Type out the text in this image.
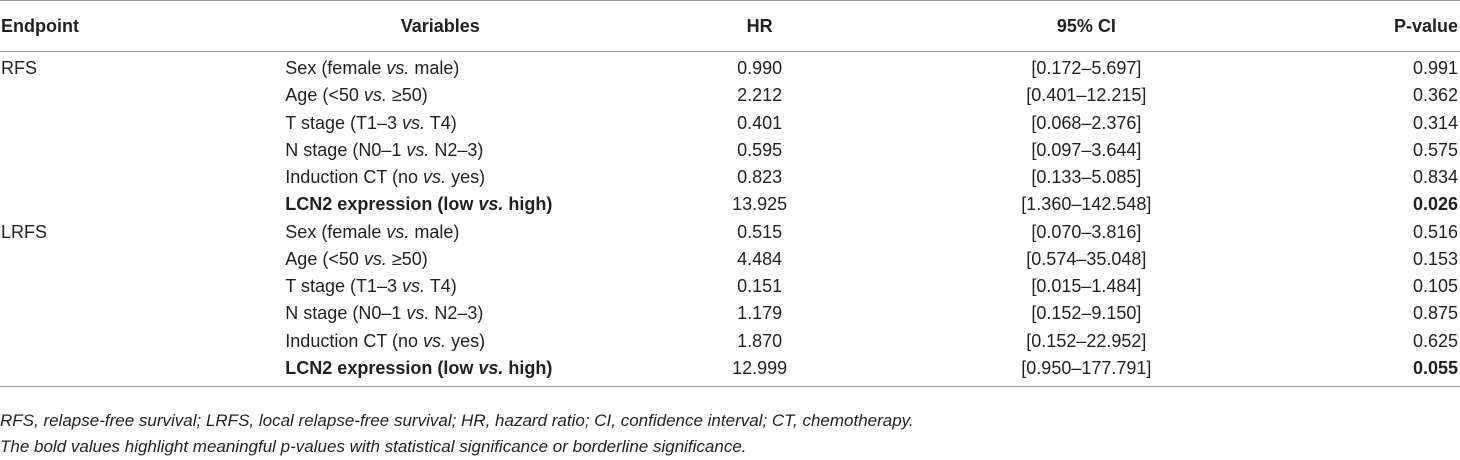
Endpoint	Variables	HR	95% CI	P-value
RFS	Sex (female vs. male)	0.990	[0.172–5.697]	0.991
	Age (<50 vs. ≥50)	2.212	[0.401–12.215]	0.362
	T stage (T1–3 vs. T4)	0.401	[0.068–2.376]	0.314
	N stage (N0–1 vs. N2–3)	0.595	[0.097–3.644]	0.575
	Induction CT (no vs. yes)	0.823	[0.133–5.085]	0.834
	LCN2 expression (low vs. high)	13.925	[1.360–142.548]	0.026
LRFS	Sex (female vs. male)	0.515	[0.070–3.816]	0.516
	Age (<50 vs. ≥50)	4.484	[0.574–35.048]	0.153
	T stage (T1–3 vs. T4)	0.151	[0.015–1.484]	0.105
	N stage (N0–1 vs. N2–3)	1.179	[0.152–9.150]	0.875
	Induction CT (no vs. yes)	1.870	[0.152–22.952]	0.625
	LCN2 expression (low vs. high)	12.999	[0.950–177.791]	0.055
RFS, relapse-free survival; LRFS, local relapse-free survival; HR, hazard ratio; CI, confidence interval; CT, chemotherapy.
The bold values highlight meaningful p-values with statistical significance or borderline significance.
